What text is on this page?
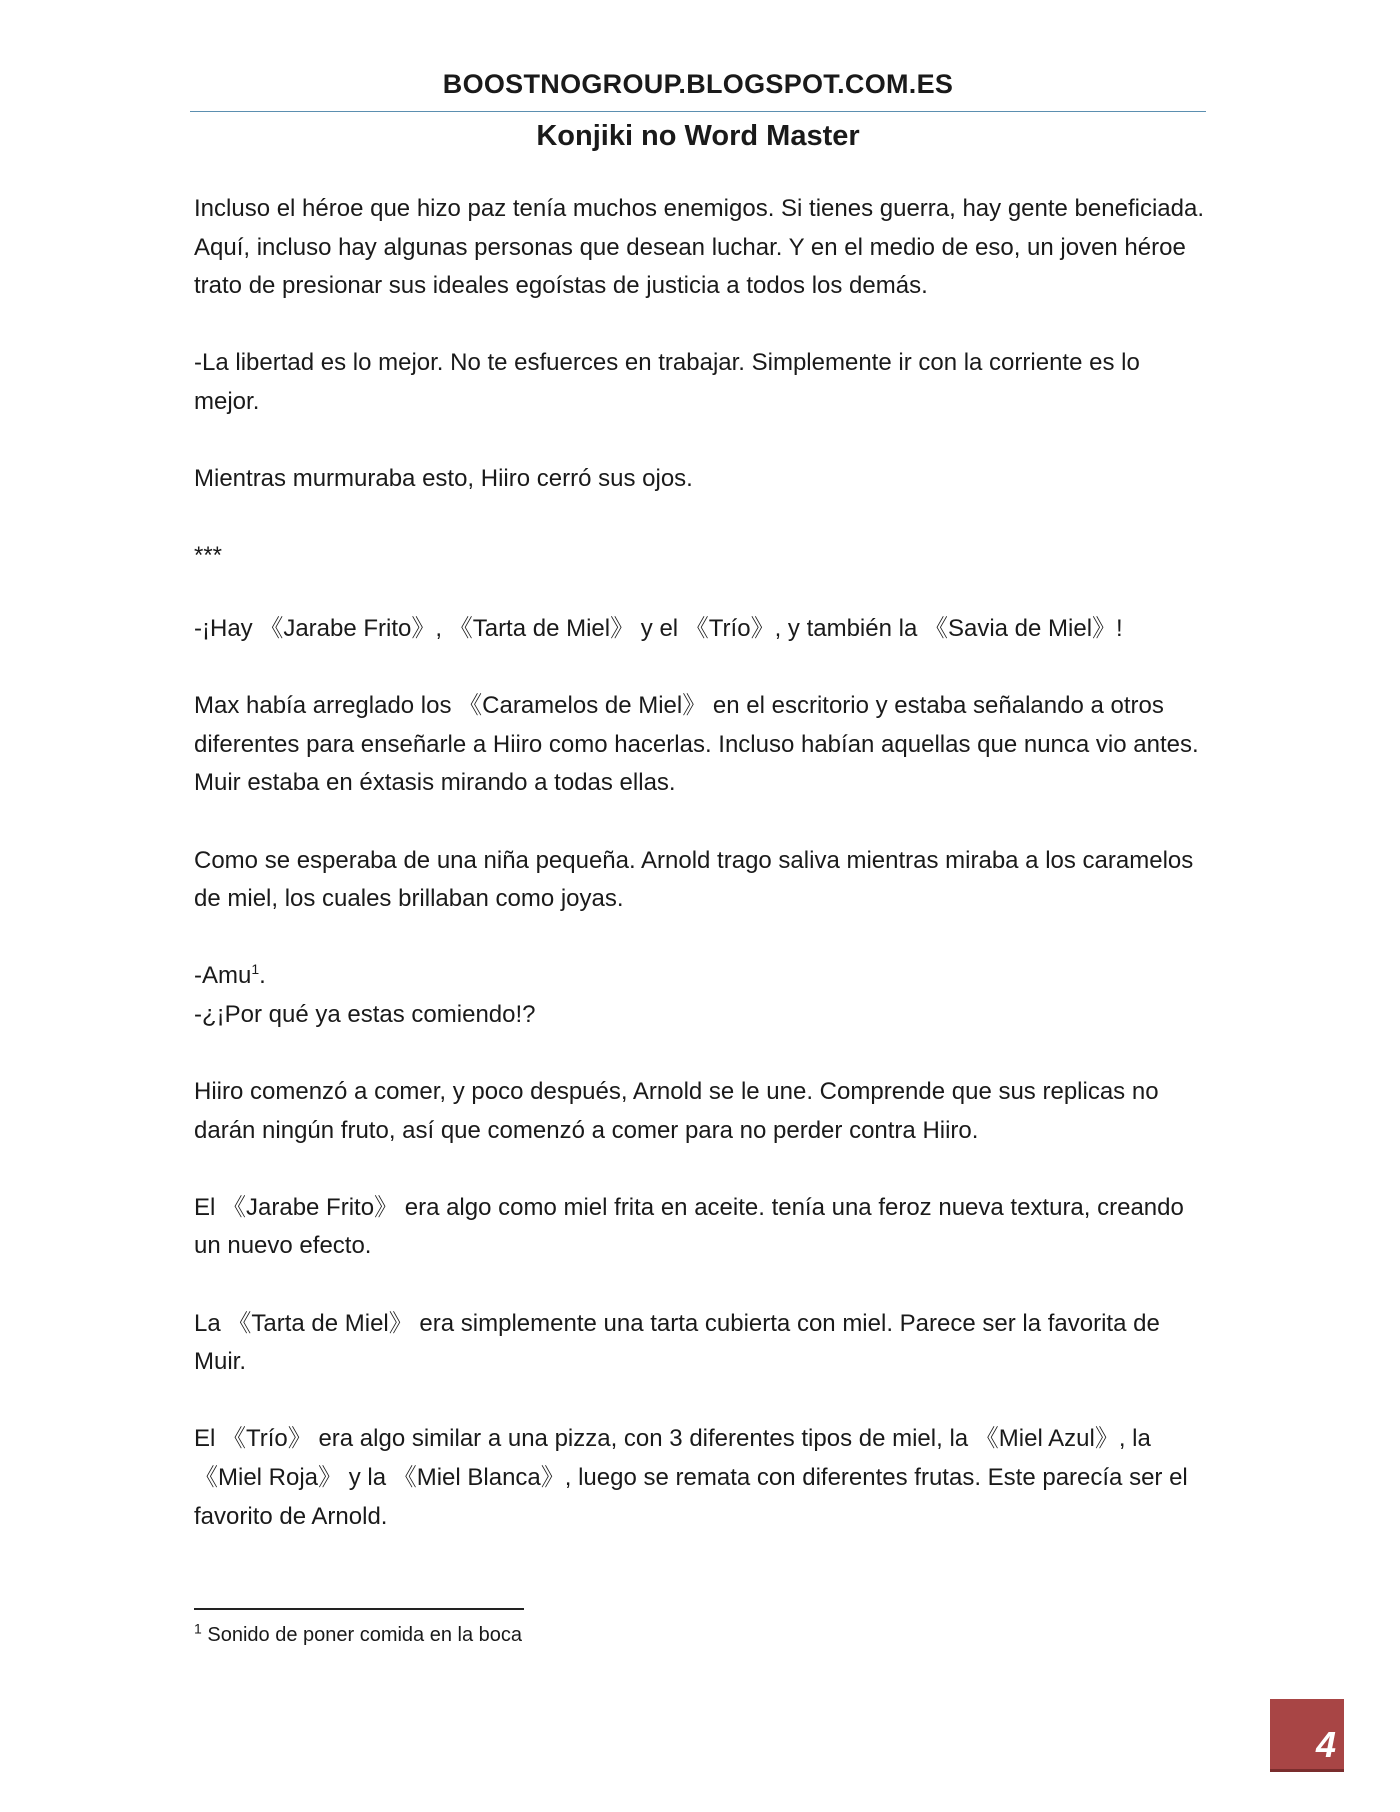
BOOSTNOGROUP.BLOGSPOT.COM.ES
Konjiki no Word Master

Incluso el héroe que hizo paz tenía muchos enemigos. Si tienes guerra, hay gente beneficiada. Aquí, incluso hay algunas personas que desean luchar. Y en el medio de eso, un joven héroe trato de presionar sus ideales egoístas de justicia a todos los demás.

-La libertad es lo mejor. No te esfuerces en trabajar. Simplemente ir con la corriente es lo mejor.

Mientras murmuraba esto, Hiiro cerró sus ojos.

***

-¡Hay 《Jarabe Frito》, 《Tarta de Miel》 y el 《Trío》, y también la 《Savia de Miel》!

Max había arreglado los 《Caramelos de Miel》 en el escritorio y estaba señalando a otros diferentes para enseñarle a Hiiro como hacerlas. Incluso habían aquellas que nunca vio antes. Muir estaba en éxtasis mirando a todas ellas.

Como se esperaba de una niña pequeña. Arnold trago saliva mientras miraba a los caramelos de miel, los cuales brillaban como joyas.

-Amu$^1$.

-¿¡Por qué ya estas comiendo!?

Hiiro comenzó a comer, y poco después, Arnold se le une. Comprende que sus replicas no darán ningún fruto, así que comenzó a comer para no perder contra Hiiro.

El 《Jarabe Frito》 era algo como miel frita en aceite. tenía una feroz nueva textura, creando un nuevo efecto.

La 《Tarta de Miel》 era simplemente una tarta cubierta con miel. Parece ser la favorita de Muir.

El 《Trío》 era algo similar a una pizza, con 3 diferentes tipos de miel, la 《Miel Azul》, la 《Miel Roja》 y la 《Miel Blanca》, luego se remata con diferentes frutas. Este parecía ser el favorito de Arnold.

$^1$ Sonido de poner comida en la boca
4
